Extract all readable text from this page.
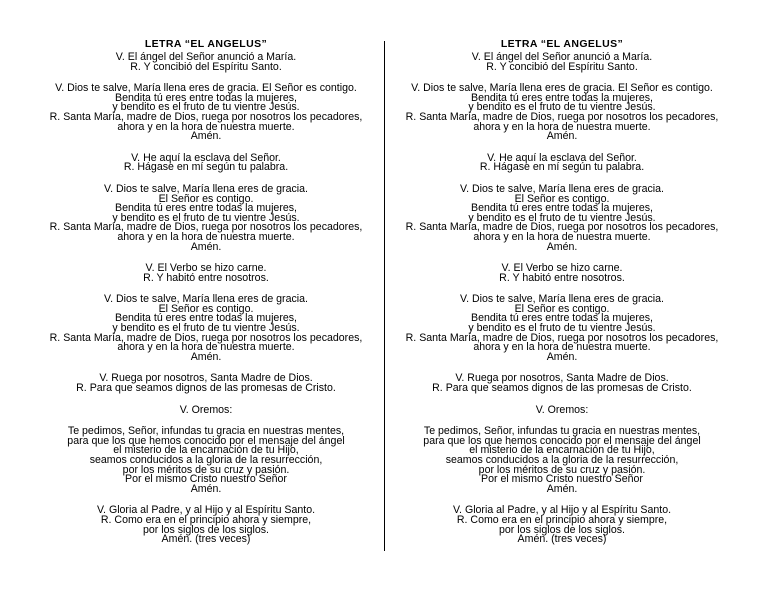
LETRA “EL ANGELUS”
V. El ángel del Señor anunció a María.
R. Y concibió del Espíritu Santo.
V. Dios te salve, María llena eres de gracia. El Señor es contigo.
Bendita tú eres entre todas la mujeres,
y bendito es el fruto de tu vientre Jesús.
R. Santa María, madre de Dios, ruega por nosotros los pecadores,
ahora y en la hora de nuestra muerte.
Amén.
V. He aquí la esclava del Señor.
R. Hágase en mí según tu palabra.
V. Dios te salve, María llena eres de gracia.
El Señor es contigo.
Bendita tú eres entre todas la mujeres,
y bendito es el fruto de tu vientre Jesús.
R. Santa María, madre de Dios, ruega por nosotros los pecadores,
ahora y en la hora de nuestra muerte.
Amén.
V. El Verbo se hizo carne.
R. Y habitó entre nosotros.
V. Dios te salve, María llena eres de gracia.
El Señor es contigo.
Bendita tú eres entre todas la mujeres,
y bendito es el fruto de tu vientre Jesús.
R. Santa María, madre de Dios, ruega por nosotros los pecadores,
ahora y en la hora de nuestra muerte.
Amén.
V. Ruega por nosotros, Santa Madre de Dios.
R. Para que seamos dignos de las promesas de Cristo.
V. Oremos:
Te pedimos, Señor, infundas tu gracia en nuestras mentes,
para que los que hemos conocido por el mensaje del ángel
el misterio de la encarnación de tu Hijo,
seamos conducidos a la gloria de la resurrección,
por los méritos de su cruz y pasión.
Por el mismo Cristo nuestro Señor
Amén.
V. Gloria al Padre, y al Hijo y al Espíritu Santo.
R. Como era en el principio ahora y siempre,
por los siglos de los siglos.
Amén. (tres veces)
LETRA “EL ANGELUS”
V. El ángel del Señor anunció a María.
R. Y concibió del Espíritu Santo.
V. Dios te salve, María llena eres de gracia. El Señor es contigo.
Bendita tú eres entre todas la mujeres,
y bendito es el fruto de tu vientre Jesús.
R. Santa María, madre de Dios, ruega por nosotros los pecadores,
ahora y en la hora de nuestra muerte.
Amén.
V. He aquí la esclava del Señor.
R. Hágase en mí según tu palabra.
V. Dios te salve, María llena eres de gracia.
El Señor es contigo.
Bendita tú eres entre todas la mujeres,
y bendito es el fruto de tu vientre Jesús.
R. Santa María, madre de Dios, ruega por nosotros los pecadores,
ahora y en la hora de nuestra muerte.
Amén.
V. El Verbo se hizo carne.
R. Y habitó entre nosotros.
V. Dios te salve, María llena eres de gracia.
El Señor es contigo.
Bendita tú eres entre todas la mujeres,
y bendito es el fruto de tu vientre Jesús.
R. Santa María, madre de Dios, ruega por nosotros los pecadores,
ahora y en la hora de nuestra muerte.
Amén.
V. Ruega por nosotros, Santa Madre de Dios.
R. Para que seamos dignos de las promesas de Cristo.
V. Oremos:
Te pedimos, Señor, infundas tu gracia en nuestras mentes,
para que los que hemos conocido por el mensaje del ángel
el misterio de la encarnación de tu Hijo,
seamos conducidos a la gloria de la resurrección,
por los méritos de su cruz y pasión.
Por el mismo Cristo nuestro Señor
Amén.
V. Gloria al Padre, y al Hijo y al Espíritu Santo.
R. Como era en el principio ahora y siempre,
por los siglos de los siglos.
Amén. (tres veces)
